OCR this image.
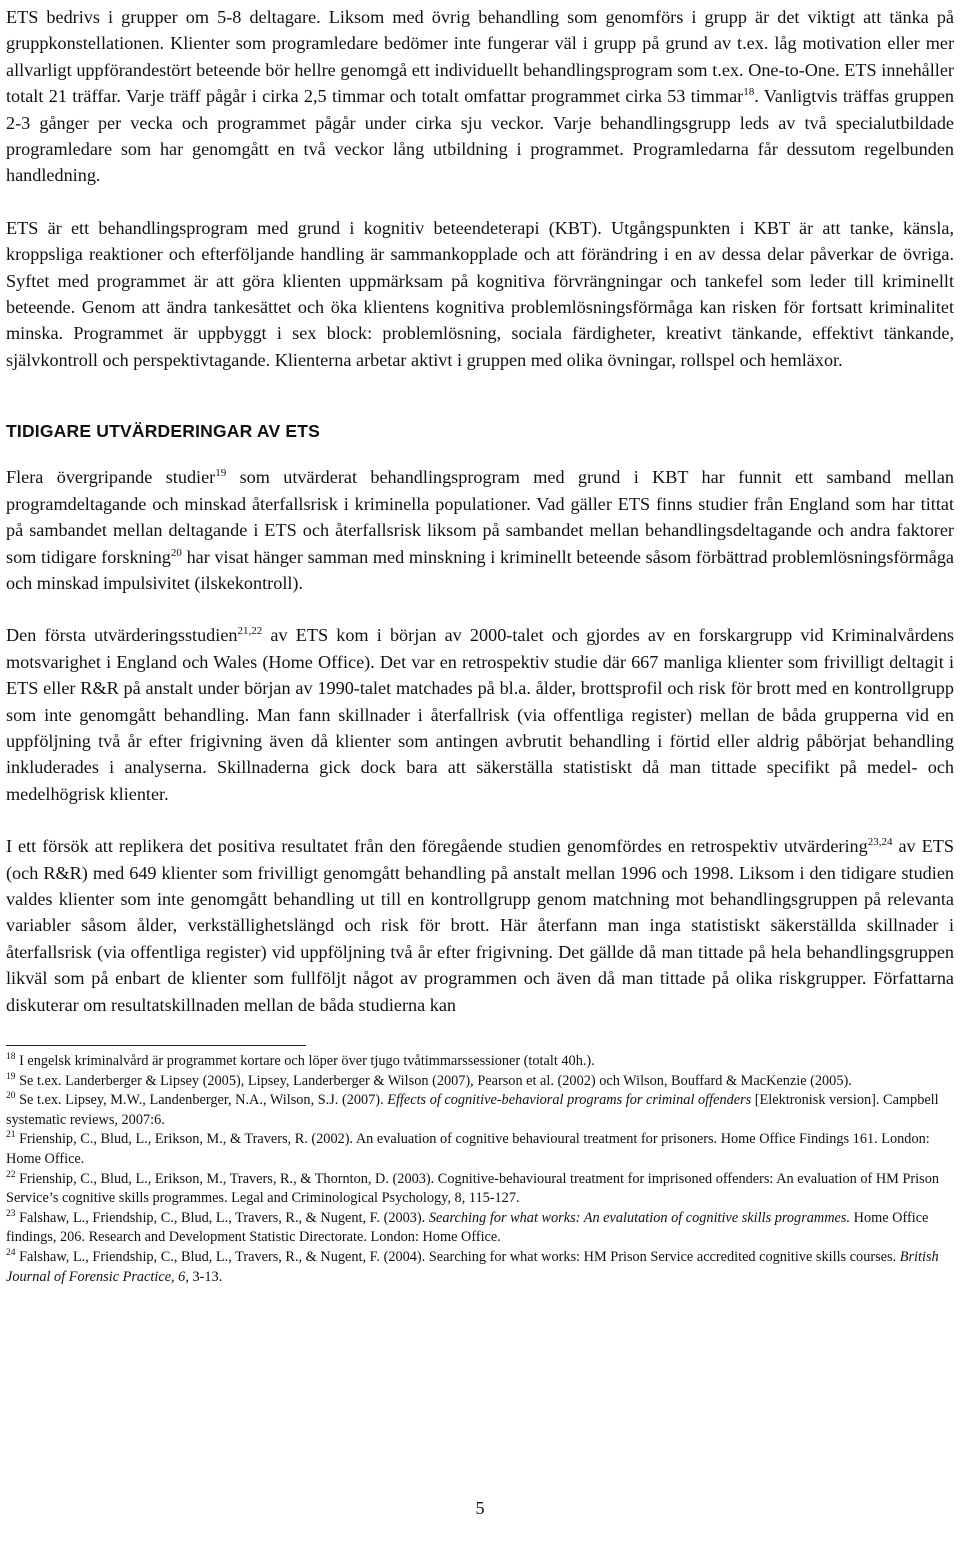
ETS bedrivs i grupper om 5-8 deltagare. Liksom med övrig behandling som genomförs i grupp är det viktigt att tänka på gruppkonstellationen. Klienter som programledare bedömer inte fungerar väl i grupp på grund av t.ex. låg motivation eller mer allvarligt uppförandestört beteende bör hellre genomgå ett individuellt behandlingsprogram som t.ex. One-to-One. ETS innehåller totalt 21 träffar. Varje träff pågår i cirka 2,5 timmar och totalt omfattar programmet cirka 53 timmar$^{18}$. Vanligtvis träffas gruppen 2-3 gånger per vecka och programmet pågår under cirka sju veckor. Varje behandlingsgrupp leds av två specialutbildade programledare som har genomgått en två veckor lång utbildning i programmet. Programledarna får dessutom regelbunden handledning.

ETS är ett behandlingsprogram med grund i kognitiv beteendeterapi (KBT). Utgångspunkten i KBT är att tanke, känsla, kroppsliga reaktioner och efterföljande handling är sammankopplade och att förändring i en av dessa delar påverkar de övriga. Syftet med programmet är att göra klienten uppmärksam på kognitiva förvrängningar och tankefel som leder till kriminellt beteende. Genom att ändra tankesättet och öka klientens kognitiva problemlösningsförmåga kan risken för fortsatt kriminalitet minska. Programmet är uppbyggt i sex block: problemlösning, sociala färdigheter, kreativt tänkande, effektivt tänkande, självkontroll och perspektivtagande. Klienterna arbetar aktivt i gruppen med olika övningar, rollspel och hemläxor.

TIDIGARE UTVÄRDERINGAR AV ETS

Flera övergripande studier$^{19}$ som utvärderat behandlingsprogram med grund i KBT har funnit ett samband mellan programdeltagande och minskad återfallsrisk i kriminella populationer. Vad gäller ETS finns studier från England som har tittat på sambandet mellan deltagande i ETS och återfallsrisk liksom på sambandet mellan behandlingsdeltagande och andra faktorer som tidigare forskning$^{20}$ har visat hänger samman med minskning i kriminellt beteende såsom förbättrad problemlösningsförmåga och minskad impulsivitet (ilskekontroll).

Den första utvärderingsstudien$^{21,22}$ av ETS kom i början av 2000-talet och gjordes av en forskargrupp vid Kriminalvårdens motsvarighet i England och Wales (Home Office). Det var en retrospektiv studie där 667 manliga klienter som frivilligt deltagit i ETS eller R&R på anstalt under början av 1990-talet matchades på bl.a. ålder, brottsprofil och risk för brott med en kontrollgrupp som inte genomgått behandling. Man fann skillnader i återfallrisk (via offentliga register) mellan de båda grupperna vid en uppföljning två år efter frigivning även då klienter som antingen avbrutit behandling i förtid eller aldrig påbörjat behandling inkluderades i analyserna. Skillnaderna gick dock bara att säkerställa statistiskt då man tittade specifikt på medel- och medelhögrisk klienter.

I ett försök att replikera det positiva resultatet från den föregående studien genomfördes en retrospektiv utvärdering$^{23,24}$ av ETS (och R&R) med 649 klienter som frivilligt genomgått behandling på anstalt mellan 1996 och 1998. Liksom i den tidigare studien valdes klienter som inte genomgått behandling ut till en kontrollgrupp genom matchning mot behandlingsgruppen på relevanta variabler såsom ålder, verkställighetslängd och risk för brott. Här återfann man inga statistiskt säkerställda skillnader i återfallsrisk (via offentliga register) vid uppföljning två år efter frigivning. Det gällde då man tittade på hela behandlingsgruppen likväl som på enbart de klienter som fullföljt något av programmen och även då man tittade på olika riskgrupper. Författarna diskuterar om resultatskillnaden mellan de båda studierna kan

$^{18}$ I engelsk kriminalvård är programmet kortare och löper över tjugo tvåtimmarssessioner (totalt 40h.).
$^{19}$ Se t.ex. Landerberger & Lipsey (2005), Lipsey, Landerberger & Wilson (2007), Pearson et al. (2002) och Wilson, Bouffard & MacKenzie (2005).
$^{20}$ Se t.ex. Lipsey, M.W., Landenberger, N.A., Wilson, S.J. (2007). Effects of cognitive-behavioral programs for criminal offenders [Elektronisk version]. Campbell systematic reviews, 2007:6.
$^{21}$ Frienship, C., Blud, L., Erikson, M., & Travers, R. (2002). An evaluation of cognitive behavioural treatment for prisoners. Home Office Findings 161. London: Home Office.
$^{22}$ Frienship, C., Blud, L., Erikson, M., Travers, R., & Thornton, D. (2003). Cognitive-behavioural treatment for imprisoned offenders: An evaluation of HM Prison Service’s cognitive skills programmes. Legal and Criminological Psychology, 8, 115-127.
$^{23}$ Falshaw, L., Friendship, C., Blud, L., Travers, R., & Nugent, F. (2003). Searching for what works: An evalutation of cognitive skills programmes. Home Office findings, 206. Research and Development Statistic Directorate. London: Home Office.
$^{24}$ Falshaw, L., Friendship, C., Blud, L., Travers, R., & Nugent, F. (2004). Searching for what works: HM Prison Service accredited cognitive skills courses. British Journal of Forensic Practice, 6, 3-13.
5
